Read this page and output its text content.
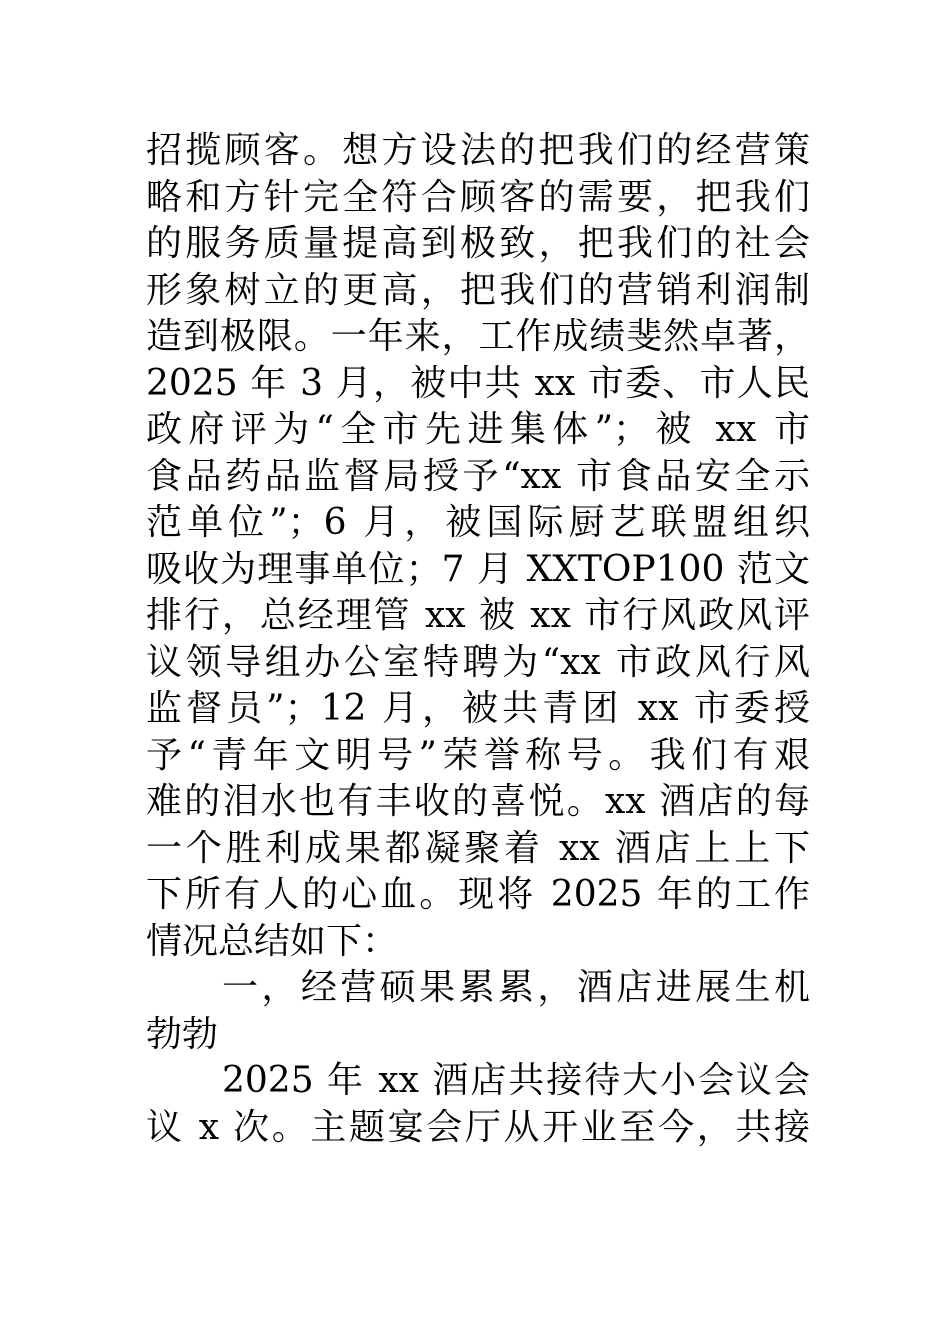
招揽顾客。想方设法的把我们的经营策
略和方针完全符合顾客的需要，把我们
的服务质量提高到极致，把我们的社会
形象树立的更高，把我们的营销利润制
造到极限。一年来，工作成绩斐然卓著，
2025 年 3 月，被中共 xx 市委、市人民
政府评为“全市先进集体”；被 xx 市
食品药品监督局授予“xx 市食品安全示
范单位”；6 月，被国际厨艺联盟组织
吸收为理事单位；7 月 XXTOP100 范文
排行，总经理管 xx 被 xx 市行风政风评
议领导组办公室特聘为“xx 市政风行风
监督员”；12 月，被共青团 xx 市委授
予“青年文明号”荣誉称号。我们有艰
难的泪水也有丰收的喜悦。xx 酒店的每
一个胜利成果都凝聚着 xx 酒店上上下
下所有人的心血。现将 2025 年的工作
情况总结如下：
一，经营硕果累累，酒店进展生机
勃勃
2025 年 xx 酒店共接待大小会议会
议 x 次。主题宴会厅从开业至今，共接
